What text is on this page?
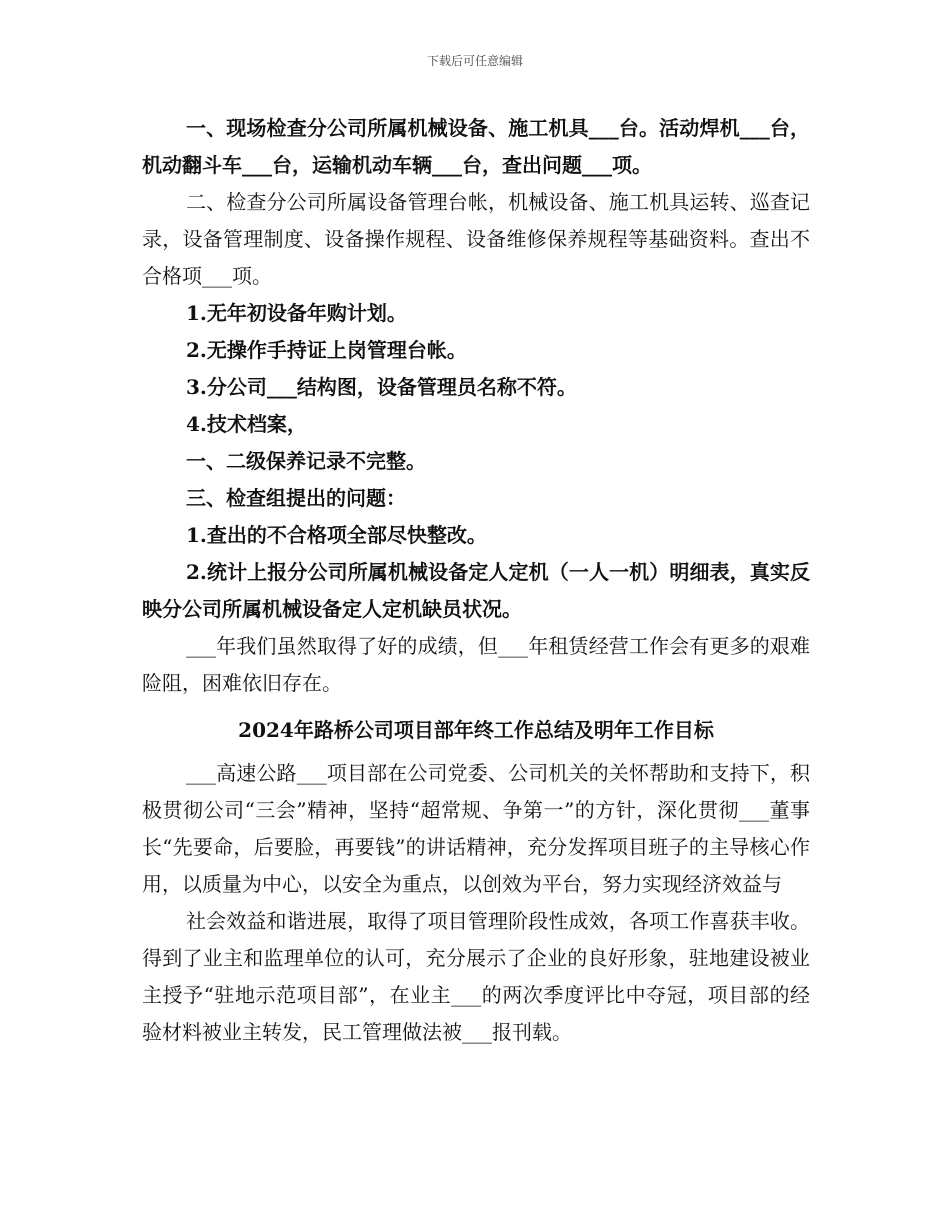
下载后可任意编辑

一、现场检查分公司所属机械设备、施工机具___台。活动焊机___台，机动翻斗车___台，运输机动车辆___台，查出问题___项。

二、检查分公司所属设备管理台帐，机械设备、施工机具运转、巡查记录，设备管理制度、设备操作规程、设备维修保养规程等基础资料。查出不合格项___项。

1.无年初设备年购计划。

2.无操作手持证上岗管理台帐。

3.分公司___结构图，设备管理员名称不符。

4.技术档案，

一、二级保养记录不完整。

三、检查组提出的问题：

1.查出的不合格项全部尽快整改。

2.统计上报分公司所属机械设备定人定机（一人一机）明细表，真实反映分公司所属机械设备定人定机缺员状况。

___年我们虽然取得了好的成绩，但___年租赁经营工作会有更多的艰难险阻，困难依旧存在。

2024年路桥公司项目部年终工作总结及明年工作目标

___高速公路___项目部在公司党委、公司机关的关怀帮助和支持下，积极贯彻公司“三会”精神，坚持“超常规、争第一”的方针，深化贯彻___董事长“先要命，后要脸，再要钱”的讲话精神，充分发挥项目班子的主导核心作用，以质量为中心，以安全为重点，以创效为平台，努力实现经济效益与

社会效益和谐进展，取得了项目管理阶段性成效，各项工作喜获丰收。得到了业主和监理单位的认可，充分展示了企业的良好形象，驻地建设被业主授予“驻地示范项目部”，在业主___的两次季度评比中夺冠，项目部的经验材料被业主转发，民工管理做法被___报刊载。
